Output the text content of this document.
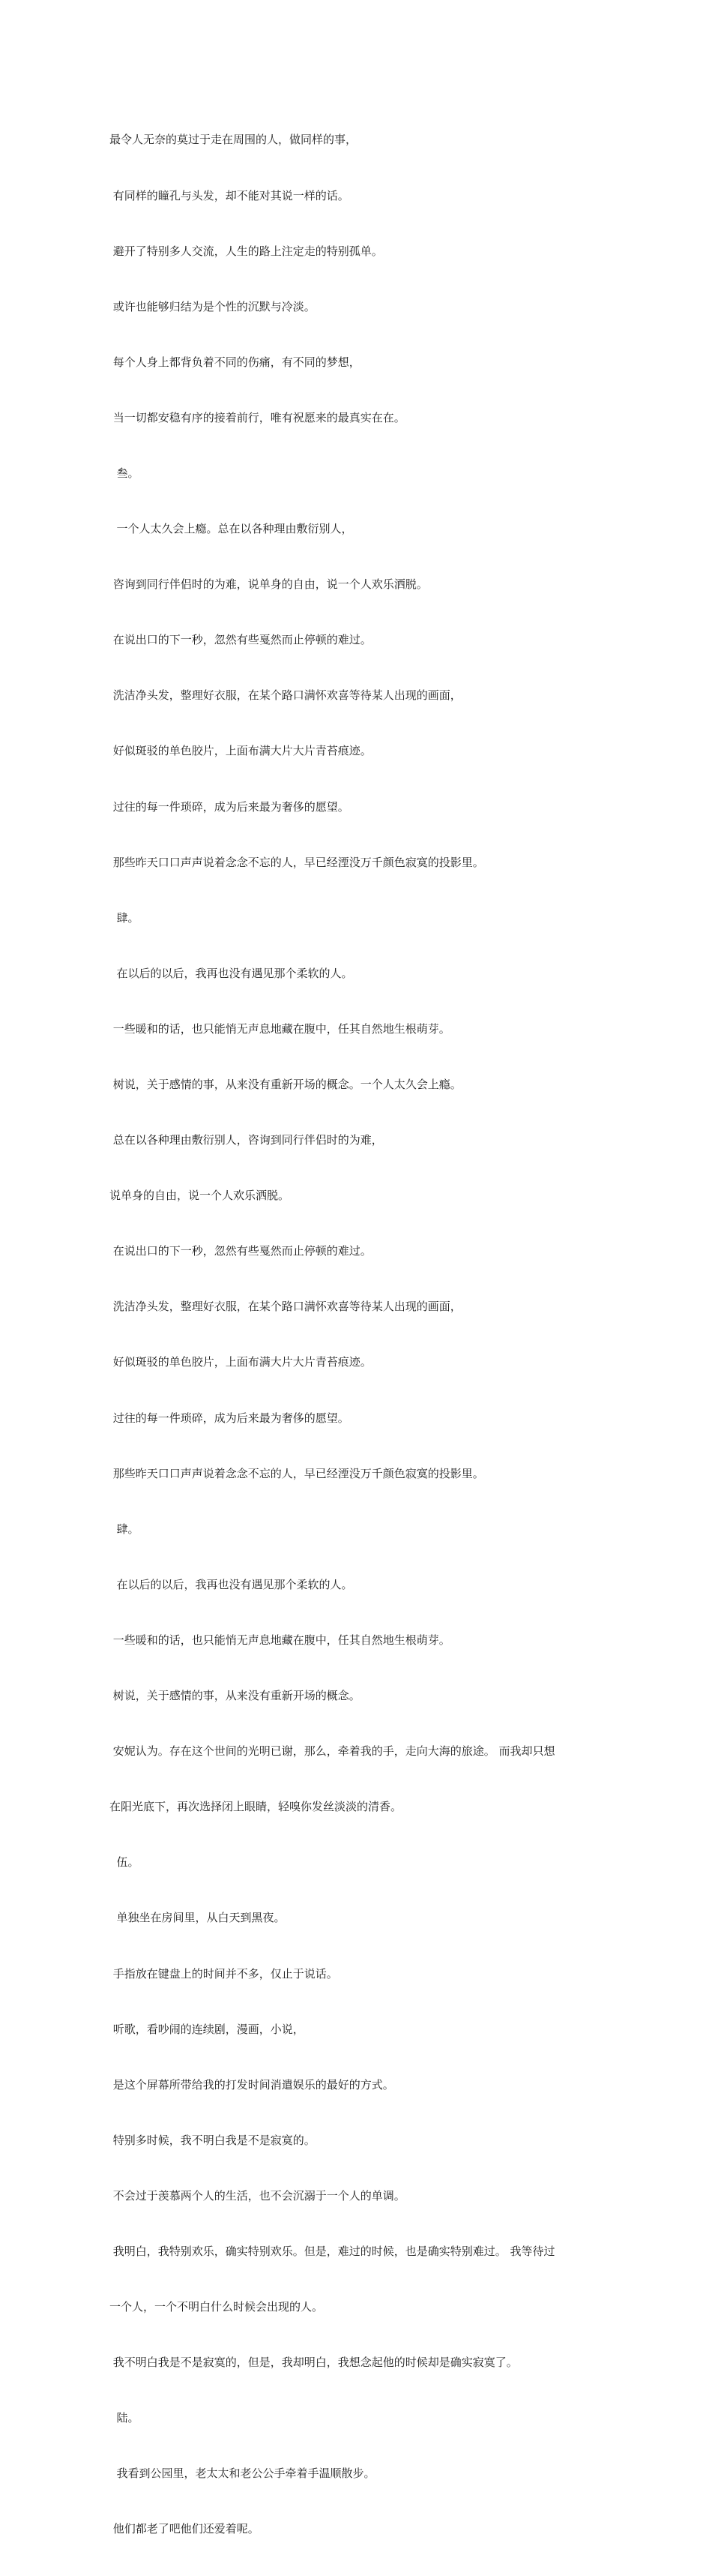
最令人无奈的莫过于走在周围的人，做同样的事，

有同样的瞳孔与头发，却不能对其说一样的话。

避开了特别多人交流，人生的路上注定走的特别孤单。

或许也能够归结为是个性的沉默与冷淡。

每个人身上都背负着不同的伤痛，有不同的梦想，

当一切都安稳有序的接着前行，唯有祝愿来的最真实在在。

叁。

一个人太久会上瘾。总在以各种理由敷衍别人，

咨询到同行伴侣时的为难，说单身的自由，说一个人欢乐洒脱。

在说出口的下一秒，忽然有些戛然而止停顿的难过。

洗洁净头发，整理好衣服，在某个路口满怀欢喜等待某人出现的画面，

好似斑驳的单色胶片，上面布满大片大片青苔痕迹。

过往的每一件琐碎，成为后来最为奢侈的愿望。

那些昨天口口声声说着念念不忘的人，早已经湮没万千颜色寂寞的投影里。

肆。

在以后的以后，我再也没有遇见那个柔软的人。

一些暖和的话，也只能悄无声息地藏在腹中，任其自然地生根萌芽。

树说，关于感情的事，从来没有重新开场的概念。一个人太久会上瘾。

总在以各种理由敷衍别人，咨询到同行伴侣时的为难，

说单身的自由，说一个人欢乐洒脱。

在说出口的下一秒，忽然有些戛然而止停顿的难过。

洗洁净头发，整理好衣服，在某个路口满怀欢喜等待某人出现的画面，

好似斑驳的单色胶片，上面布满大片大片青苔痕迹。

过往的每一件琐碎，成为后来最为奢侈的愿望。

那些昨天口口声声说着念念不忘的人，早已经湮没万千颜色寂寞的投影里。

肆。

在以后的以后，我再也没有遇见那个柔软的人。

一些暖和的话，也只能悄无声息地藏在腹中，任其自然地生根萌芽。

树说，关于感情的事，从来没有重新开场的概念。

安妮认为。存在这个世间的光明已谢，那么，牵着我的手，走向大海的旅途。 而我却只想

在阳光底下，再次选择闭上眼睛，轻嗅你发丝淡淡的清香。

伍。

单独坐在房间里，从白天到黑夜。

手指放在键盘上的时间并不多，仅止于说话。

听歌，看吵闹的连续剧，漫画，小说，

是这个屏幕所带给我的打发时间消遣娱乐的最好的方式。

特别多时候，我不明白我是不是寂寞的。

不会过于羡慕两个人的生活，也不会沉溺于一个人的单调。

我明白，我特别欢乐，确实特别欢乐。但是，难过的时候，也是确实特别难过。 我等待过

一个人，一个不明白什么时候会出现的人。

我不明白我是不是寂寞的，但是，我却明白，我想念起他的时候却是确实寂寞了。

陆。

我看到公园里，老太太和老公公手牵着手温顺散步。

他们都老了吧他们还爱着呢。
